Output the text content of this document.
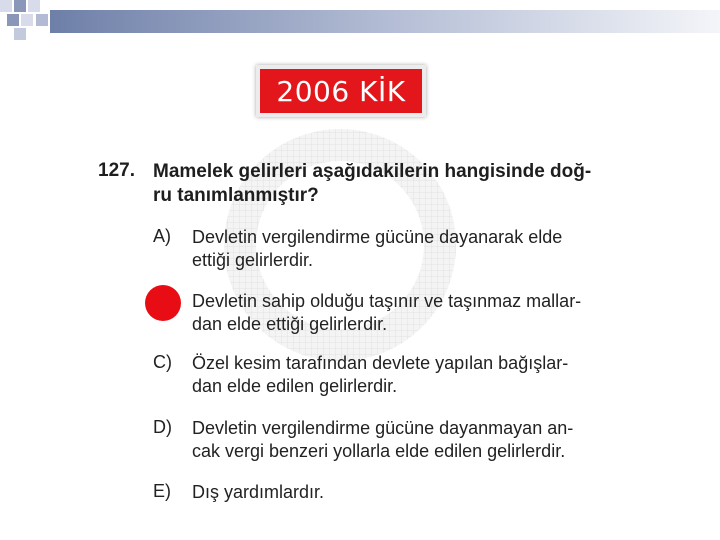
2006 KİK
127. Mamelek gelirleri aşağıdakilerin hangisinde doğ-
ru tanımlanmıştır?
A) Devletin vergilendirme gücüne dayanarak elde
ettiği gelirlerdir.
Devletin sahip olduğu taşınır ve taşınmaz mallar-
dan elde ettiği gelirlerdir.
C) Özel kesim tarafından devlete yapılan bağışlar-
dan elde edilen gelirlerdir.
D) Devletin vergilendirme gücüne dayanmayan an-
cak vergi benzeri yollarla elde edilen gelirlerdir.
E) Dış yardımlardır.
